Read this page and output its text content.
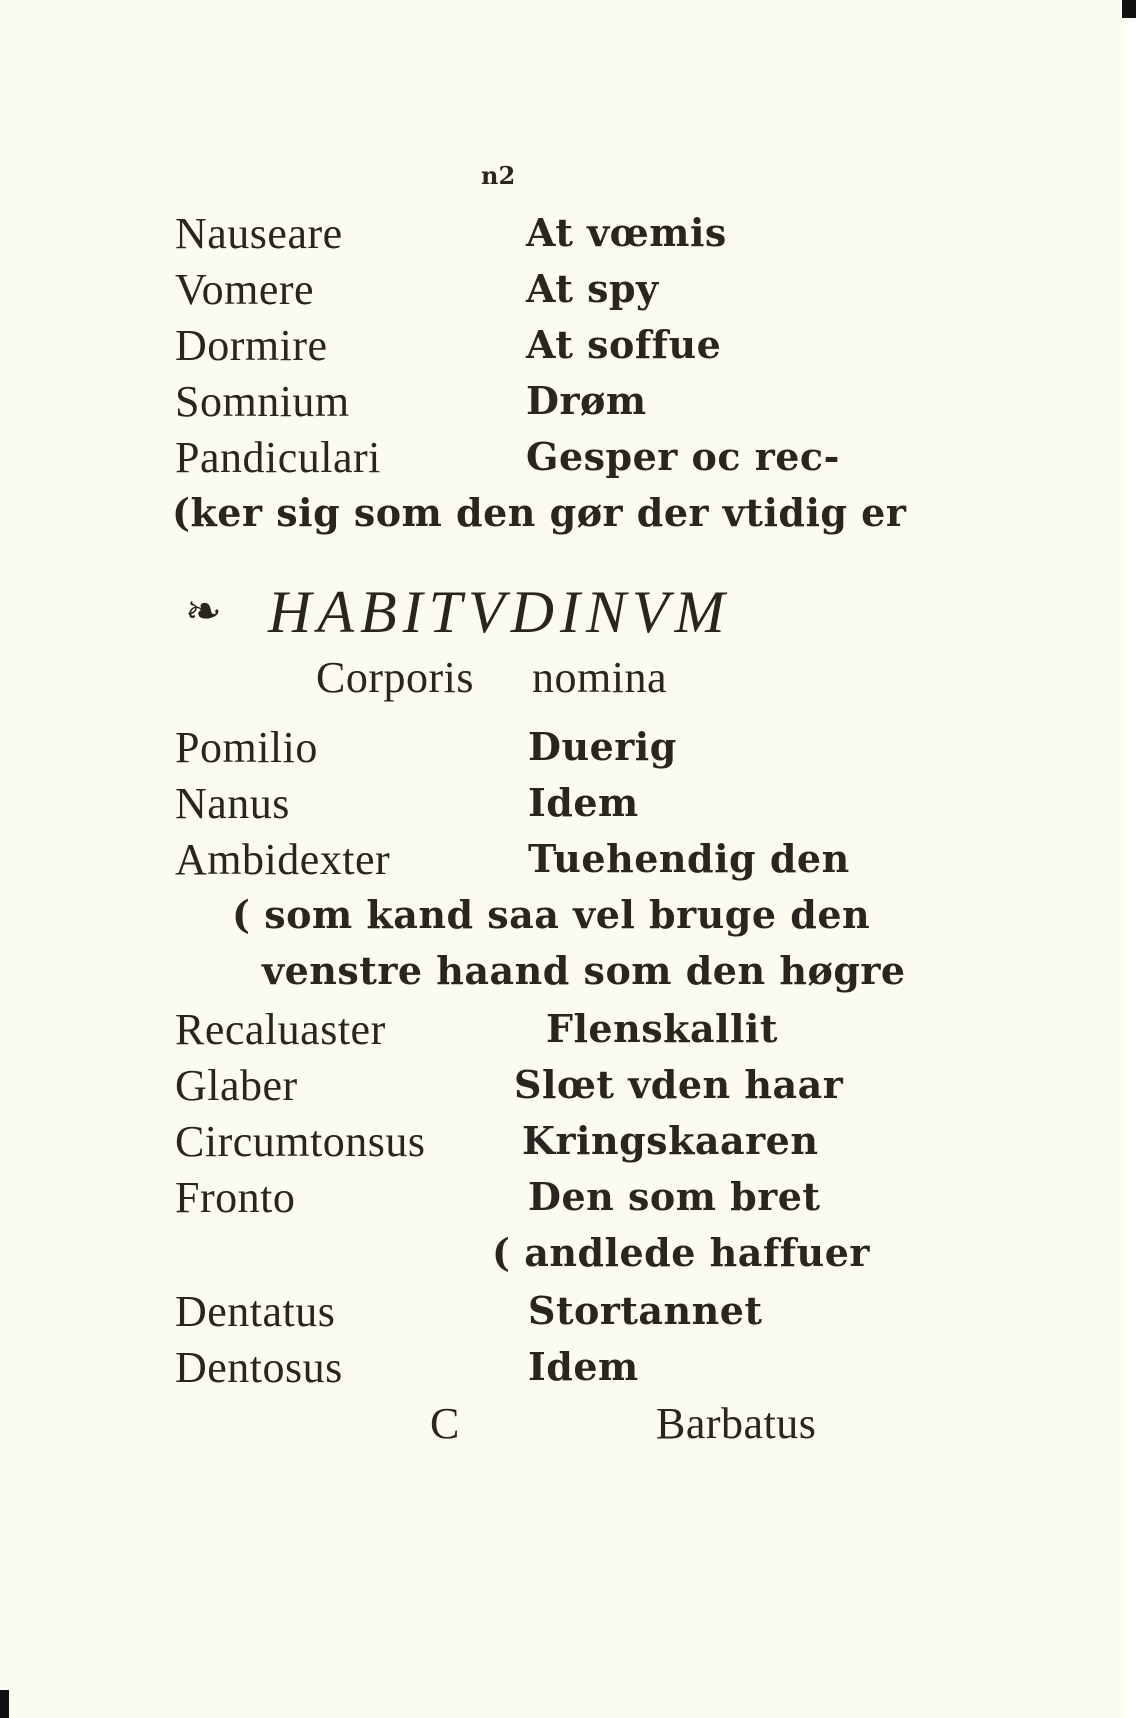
n2
Nauseare	At vœmis
Vomere	At spy
Dormire	At soffue
Somnium	Drøm
Pandiculari	Gesper oc rec-
(ker sig som den gør der vtidig er
❧ HABITVDINVM
Corporis nomina
Pomilio	Duerig
Nanus	Idem
Ambidexter	Tuehendig den
( som kand saa vel bruge den
venstre haand som den høgre
Recaluaster	Flenskallit
Glaber	Slœt vden haar
Circumtonsus	Kringskaaren
Fronto	Den som bret
( andlede haffuer
Dentatus	Stortannet
Dentosus	Idem
C	Barbatus
